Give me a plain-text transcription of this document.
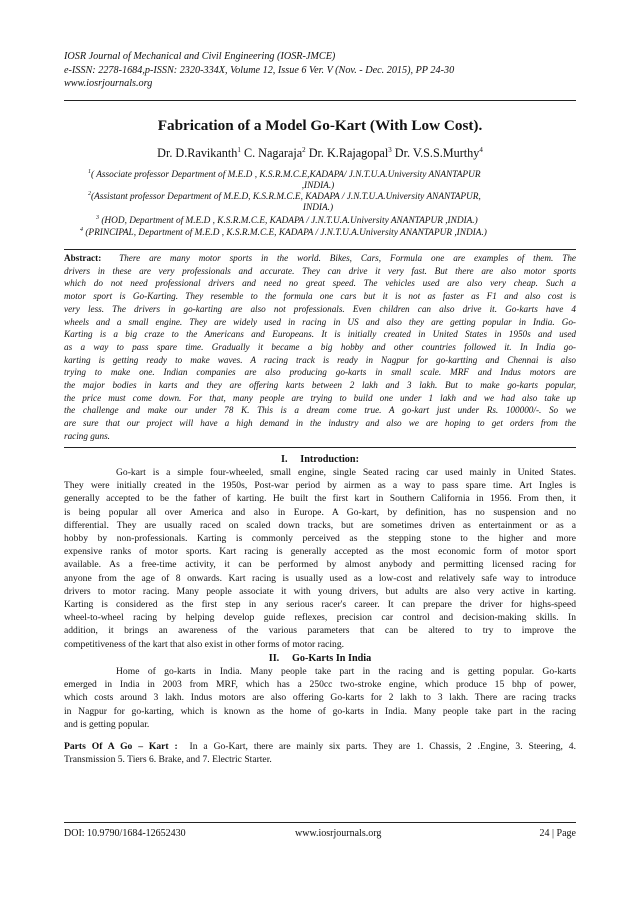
IOSR Journal of Mechanical and Civil Engineering (IOSR-JMCE)
e-ISSN: 2278-1684,p-ISSN: 2320-334X, Volume 12, Issue 6 Ver. V (Nov. - Dec. 2015), PP 24-30
www.iosrjournals.org
Fabrication of a Model Go-Kart (With Low Cost).
Dr. D.Ravikanth$^1$ C. Nagaraja$^2$ Dr. K.Rajagopal$^3$ Dr. V.S.S.Murthy$^4$
$^1$( Associate professor Department of M.E.D , K.S.R.M.C.E,KADAPA/ J.N.T.U.A.University ANANTAPUR
,INDIA.)
$^2$(Assistant professor Department of M.E.D, K.S.R.M.C.E, KADAPA / J.N.T.U.A.University ANANTAPUR,
INDIA.)
$^3$ (HOD, Department of M.E.D , K.S.R.M.C.E, KADAPA / J.N.T.U.A.University ANANTAPUR ,INDIA.)
$^4$ (PRINCIPAL, Department of M.E.D , K.S.R.M.C.E, KADAPA / J.N.T.U.A.University ANANTAPUR ,INDIA.)
Abstract: There are many motor sports in the world. Bikes, Cars, Formula one are examples of them. The
drivers in these are very professionals and accurate. They can drive it very fast. But there are also motor sports
which do not need professional drivers and need no great speed. The vehicles used are also very cheap. Such a
motor sport is Go-Karting. They resemble to the formula one cars but it is not as faster as F1 and also cost is
very less. The drivers in go-karting are also not professionals. Even children can also drive it. Go-karts have 4
wheels and a small engine. They are widely used in racing in US and also they are getting popular in India. Go-
Karting is a big craze to the Americans and Europeans. It is initially created in United States in 1950s and used
as a way to pass spare time. Gradually it became a big hobby and other countries followed it. In India go-
karting is getting ready to make waves. A racing track is ready in Nagpur for go-kartting and Chennai is also
trying to make one. Indian companies are also producing go-karts in small scale. MRF and Indus motors are
the major bodies in karts and they are offering karts between 2 lakh and 3 lakh. But to make go-karts popular,
the price must come down. For that, many people are trying to build one under 1 lakh and we had also take up
the challenge and make our under 78 K. This is a dream come true. A go-kart just under Rs. 100000/-. So we
are sure that our project will have a high demand in the industry and also we are hoping to get orders from the
racing guns.
I. Introduction:
Go-kart is a simple four-wheeled, small engine, single Seated racing car used mainly in United States.
They were initially created in the 1950s, Post-war period by airmen as a way to pass spare time. Art Ingles is
generally accepted to be the father of karting. He built the first kart in Southern California in 1956. From then, it
is being popular all over America and also in Europe. A Go-kart, by definition, has no suspension and no
differential. They are usually raced on scaled down tracks, but are sometimes driven as entertainment or as a
hobby by non-professionals. Karting is commonly perceived as the stepping stone to the higher and more
expensive ranks of motor sports. Kart racing is generally accepted as the most economic form of motor sport
available. As a free-time activity, it can be performed by almost anybody and permitting licensed racing for
anyone from the age of 8 onwards. Kart racing is usually used as a low-cost and relatively safe way to introduce
drivers to motor racing. Many people associate it with young drivers, but adults are also very active in karting.
Karting is considered as the first step in any serious racer's career. It can prepare the driver for highs-speed
wheel-to-wheel racing by helping develop guide reflexes, precision car control and decision-making skills. In
addition, it brings an awareness of the various parameters that can be altered to try to improve the
competitiveness of the kart that also exist in other forms of motor racing.
II. Go-Karts In India
Home of go-karts in India. Many people take part in the racing and is getting popular. Go-karts
emerged in India in 2003 from MRF, which has a 250cc two-stroke engine, which produce 15 bhp of power,
which costs around 3 lakh. Indus motors are also offering Go-karts for 2 lakh to 3 lakh. There are racing tracks
in Nagpur for go-karting, which is known as the home of go-karts in India. Many people take part in the racing
and is getting popular.
Parts Of A Go – Kart : In a Go-Kart, there are mainly six parts. They are 1. Chassis, 2 .Engine, 3. Steering, 4.
Transmission 5. Tiers 6. Brake, and 7. Electric Starter.
DOI: 10.9790/1684-12652430	www.iosrjournals.org	24 | Page
